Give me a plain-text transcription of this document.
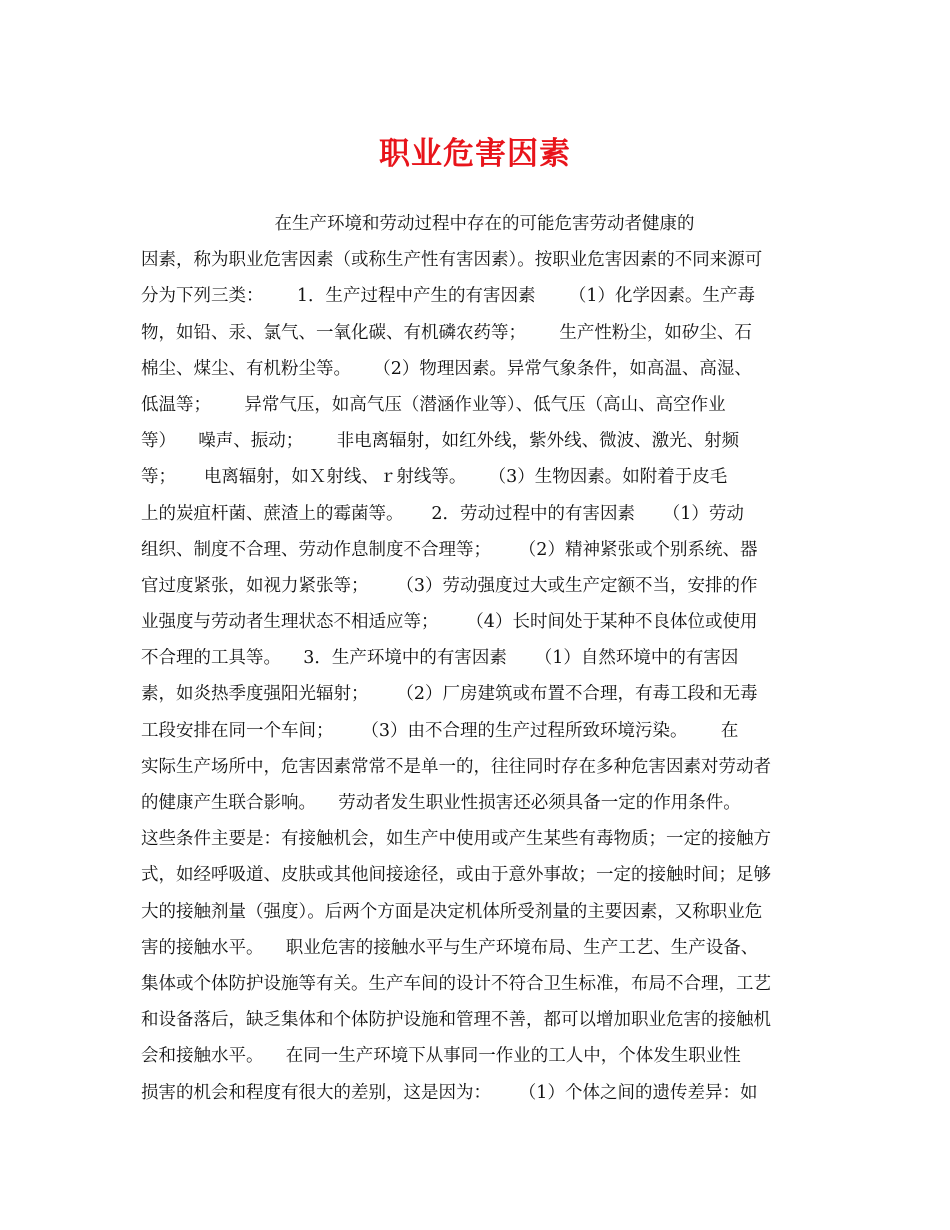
职业危害因素
在生产环境和劳动过程中存在的可能危害劳动者健康的
因素，称为职业危害因素（或称生产性有害因素）。按职业危害因素的不同来源可
分为下列三类：      1．生产过程中产生的有害因素      （1）化学因素。生产毒
物，如铅、汞、氯气、一氧化碳、有机磷农药等；      生产性粉尘，如矽尘、石
棉尘、煤尘、有机粉尘等。    （2）物理因素。异常气象条件，如高温、高湿、
低温等；      异常气压，如高气压（潜涵作业等）、低气压（高山、高空作业
等）    噪声、振动；      非电离辐射，如红外线，紫外线、微波、激光、射频
等；     电离辐射，如Ｘ射线、ｒ射线等。    （3）生物因素。如附着于皮毛
上的炭疽杆菌、蔗渣上的霉菌等。     2．劳动过程中的有害因素     （1）劳动
组织、制度不合理、劳动作息制度不合理等；     （2）精神紧张或个别系统、器
官过度紧张，如视力紧张等；     （3）劳动强度过大或生产定额不当，安排的作
业强度与劳动者生理状态不相适应等；     （4）长时间处于某种不良体位或使用
不合理的工具等。    3．生产环境中的有害因素     （1）自然环境中的有害因
素，如炎热季度强阳光辐射；     （2）厂房建筑或布置不合理，有毒工段和无毒
工段安排在同一个车间；     （3）由不合理的生产过程所致环境污染。      在
实际生产场所中，危害因素常常不是单一的，往往同时存在多种危害因素对劳动者
的健康产生联合影响。    劳动者发生职业性损害还必须具备一定的作用条件。
这些条件主要是：有接触机会，如生产中使用或产生某些有毒物质；一定的接触方
式，如经呼吸道、皮肤或其他间接途径，或由于意外事故；一定的接触时间；足够
大的接触剂量（强度）。后两个方面是决定机体所受剂量的主要因素，又称职业危
害的接触水平。    职业危害的接触水平与生产环境布局、生产工艺、生产设备、
集体或个体防护设施等有关。生产车间的设计不符合卫生标准，布局不合理，工艺
和设备落后，缺乏集体和个体防护设施和管理不善，都可以增加职业危害的接触机
会和接触水平。    在同一生产环境下从事同一作业的工人中，个体发生职业性
损害的机会和程度有很大的差别，这是因为：     （1）个体之间的遗传差异：如
